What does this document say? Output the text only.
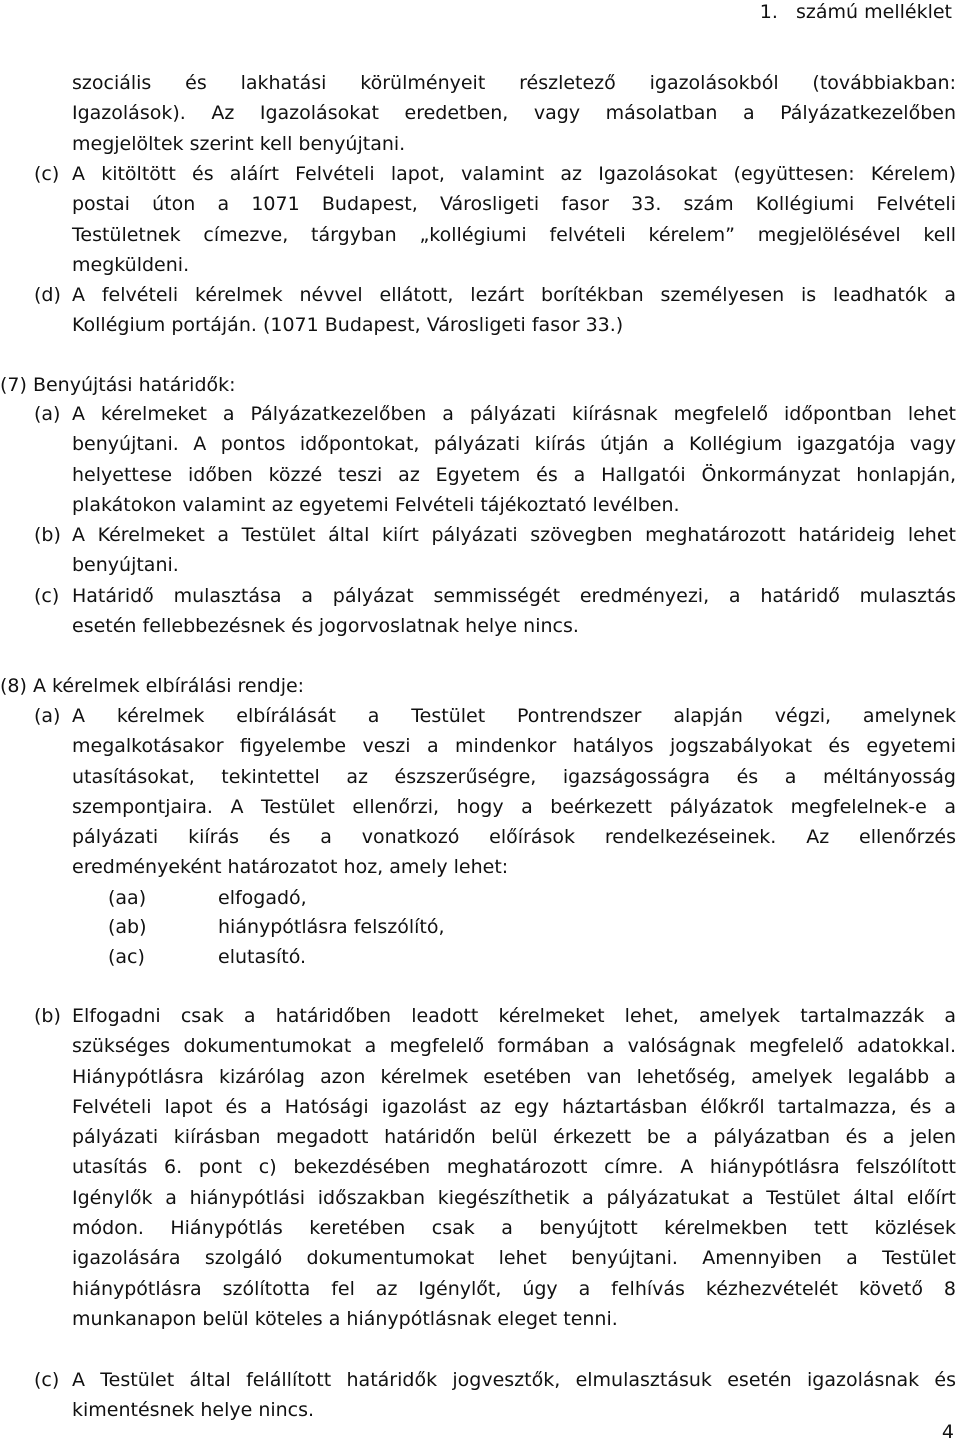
1.   számú melléklet
szociális és lakhatási körülményeit részletező igazolásokból (továbbiakban:
Igazolások). Az Igazolásokat eredetben, vagy másolatban a Pályázatkezelőben
megjelöltek szerint kell benyújtani.
(c) A kitöltött és aláírt Felvételi lapot, valamint az Igazolásokat (együttesen: Kérelem)
postai úton a 1071 Budapest, Városligeti fasor 33. szám Kollégiumi Felvételi
Testületnek címezve, tárgyban „kollégiumi felvételi kérelem” megjelölésével kell
megküldeni.
(d) A felvételi kérelmek névvel ellátott, lezárt borítékban személyesen is leadhatók a
Kollégium portáján. (1071 Budapest, Városligeti fasor 33.)
(7) Benyújtási határidők:
(a) A kérelmeket a Pályázatkezelőben a pályázati kiírásnak megfelelő időpontban lehet
benyújtani. A pontos időpontokat, pályázati kiírás útján a Kollégium igazgatója vagy
helyettese időben közzé teszi az Egyetem és a Hallgatói Önkormányzat honlapján,
plakátokon valamint az egyetemi Felvételi tájékoztató levélben.
(b) A Kérelmeket a Testület által kiírt pályázati szövegben meghatározott határideig lehet
benyújtani.
(c) Határidő mulasztása a pályázat semmisségét eredményezi, a határidő mulasztás
esetén fellebbezésnek és jogorvoslatnak helye nincs.
(8) A kérelmek elbírálási rendje:
(a) A kérelmek elbírálását a Testület Pontrendszer alapján végzi, amelynek
megalkotásakor figyelembe veszi a mindenkor hatályos jogszabályokat és egyetemi
utasításokat, tekintettel az észszerűségre, igazságosságra és a méltányosság
szempontjaira. A Testület ellenőrzi, hogy a beérkezett pályázatok megfelelnek-e a
pályázati kiírás és a vonatkozó előírások rendelkezéseinek. Az ellenőrzés
eredményeként határozatot hoz, amely lehet:
(aa)	elfogadó,
(ab)	hiánypótlásra felszólító,
(ac)	elutasító.
(b) Elfogadni csak a határidőben leadott kérelmeket lehet, amelyek tartalmazzák a
szükséges dokumentumokat a megfelelő formában a valóságnak megfelelő adatokkal.
Hiánypótlásra kizárólag azon kérelmek esetében van lehetőség, amelyek legalább a
Felvételi lapot és a Hatósági igazolást az egy háztartásban élőkről tartalmazza, és a
pályázati kiírásban megadott határidőn belül érkezett be a pályázatban és a jelen
utasítás 6. pont c) bekezdésében meghatározott címre. A hiánypótlásra felszólított
Igénylők a hiánypótlási időszakban kiegészíthetik a pályázatukat a Testület által előírt
módon. Hiánypótlás keretében csak a benyújtott kérelmekben tett közlések
igazolására szolgáló dokumentumokat lehet benyújtani. Amennyiben a Testület
hiánypótlásra szólította fel az Igénylőt, úgy a felhívás kézhezvételét követő 8
munkanapon belül köteles a hiánypótlásnak eleget tenni.
(c) A Testület által felállított határidők jogvesztők, elmulasztásuk esetén igazolásnak és
kimentésnek helye nincs.
4
